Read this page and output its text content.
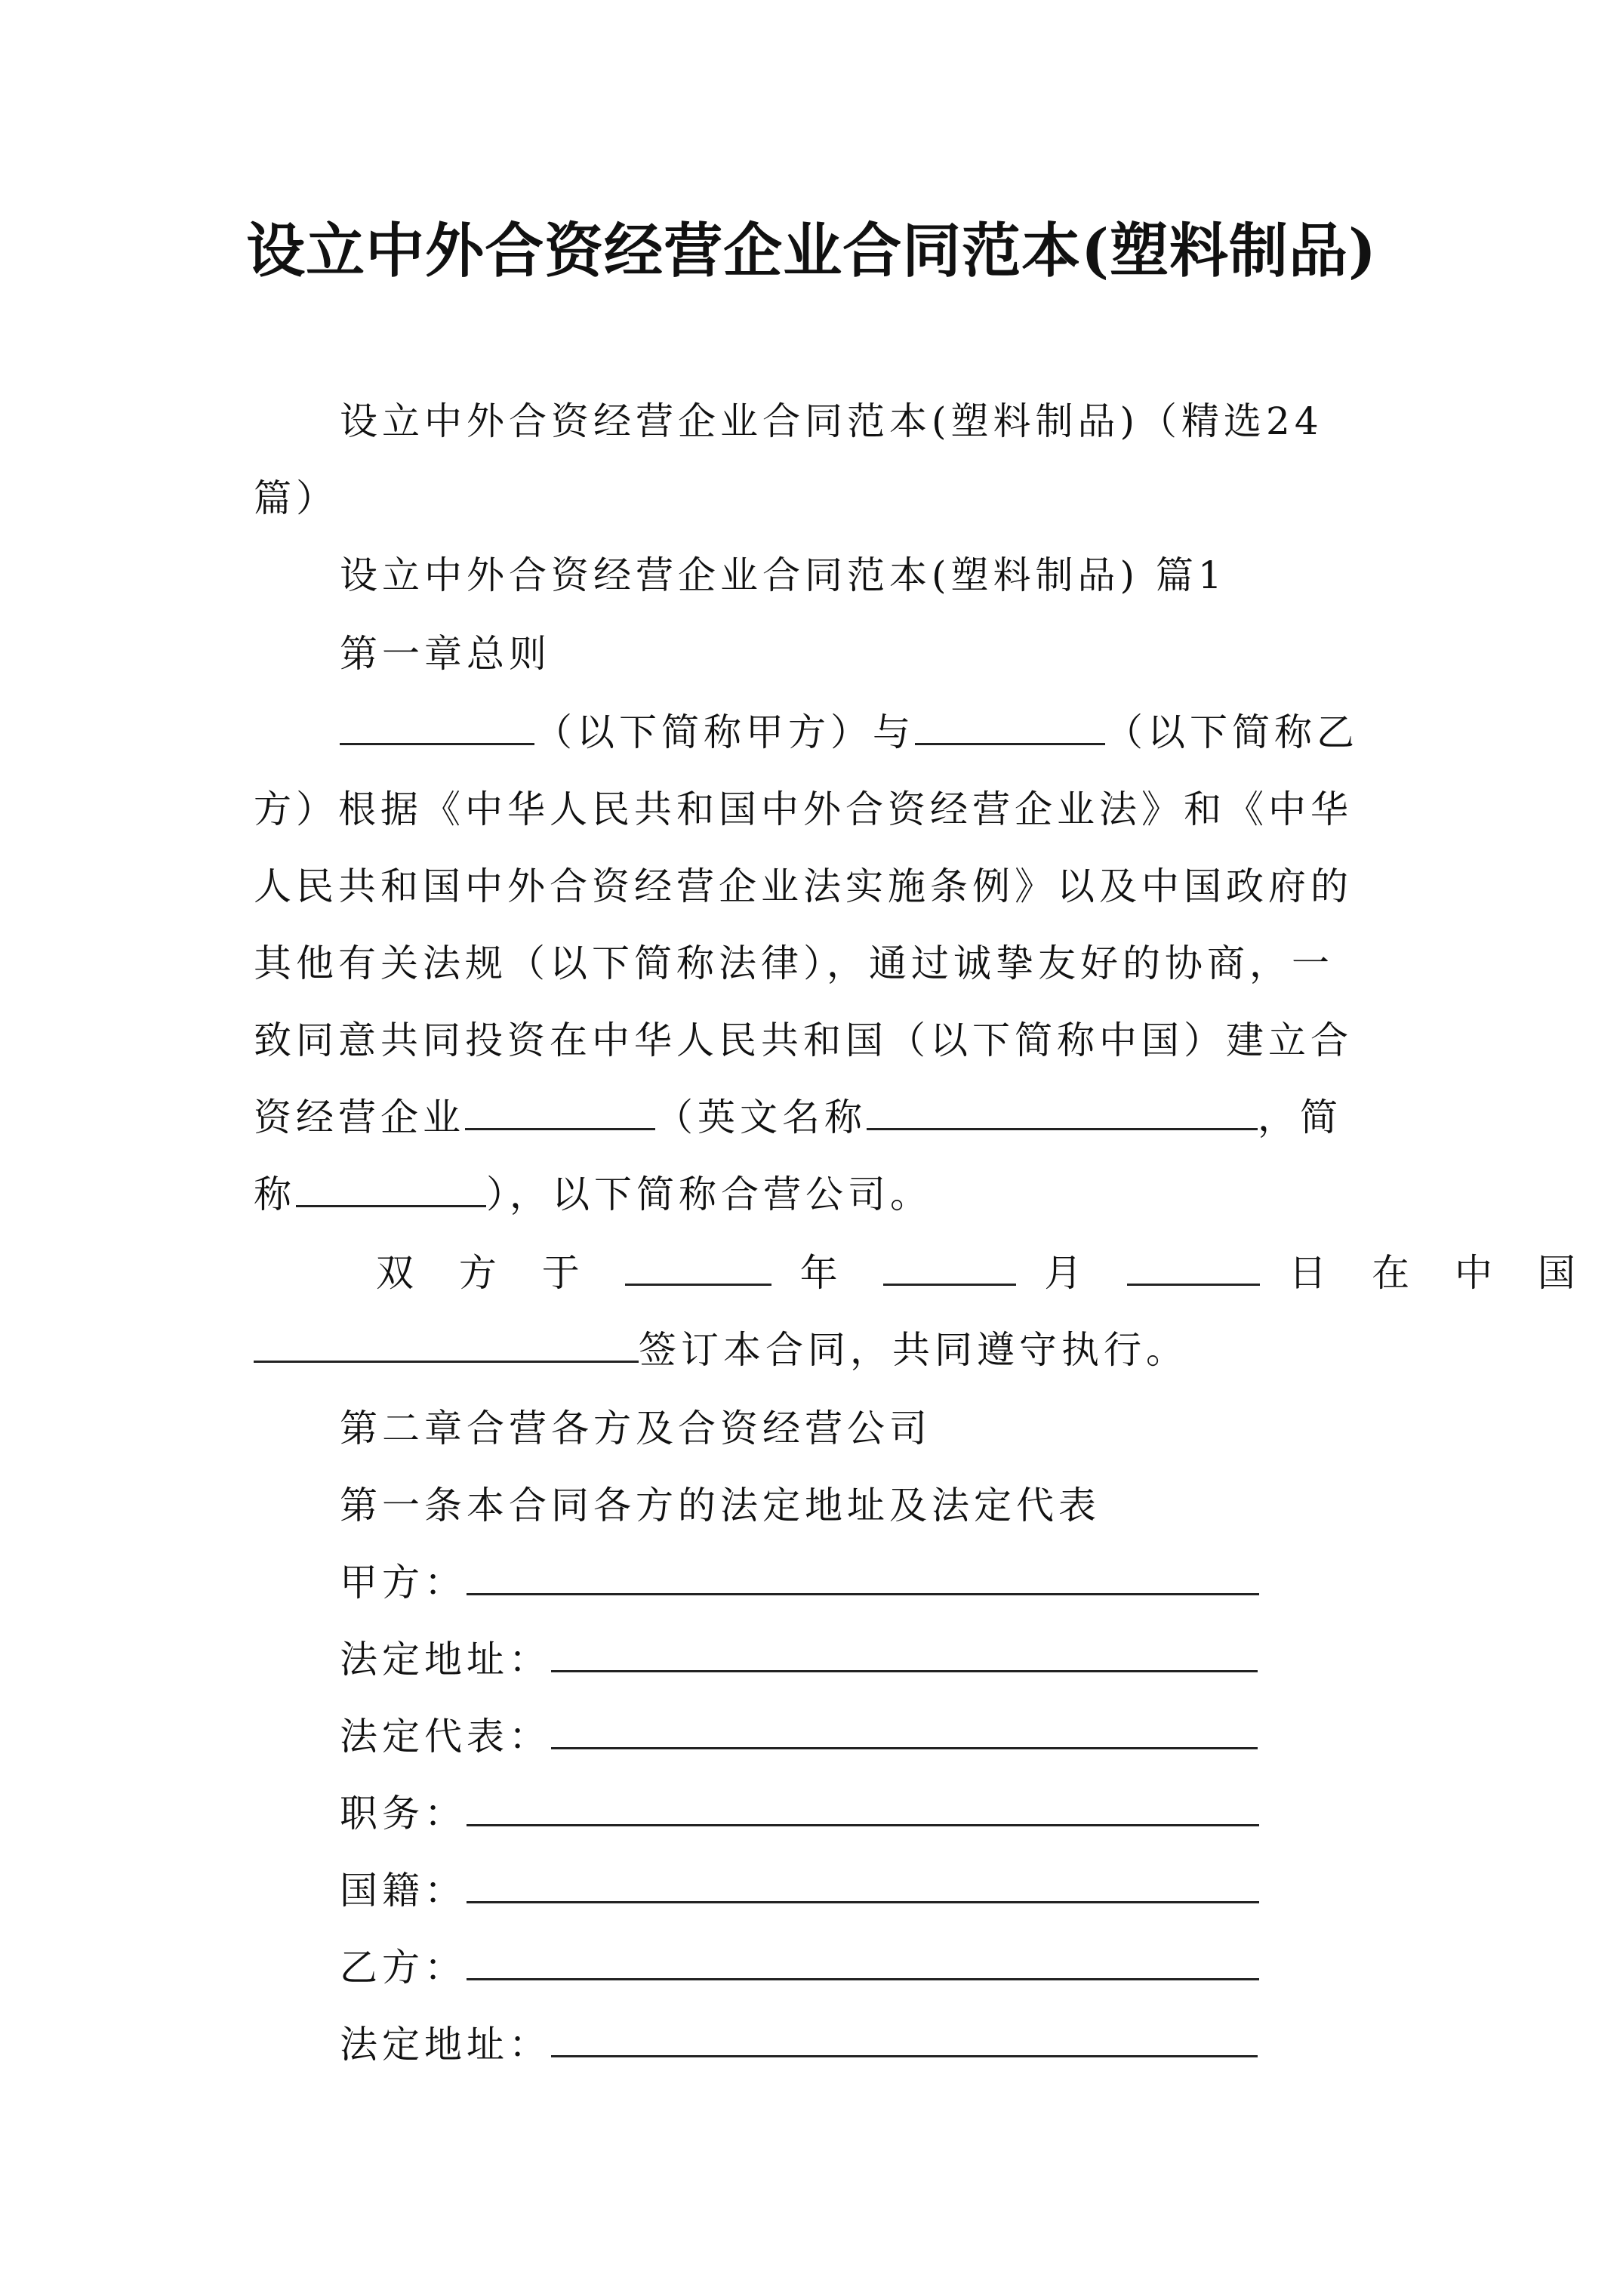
设立中外合资经营企业合同范本(塑料制品)
设立中外合资经营企业合同范本(塑料制品)（精选24
篇）
设立中外合资经营企业合同范本(塑料制品) 篇1
第一章总则
（以下简称甲方）与	（以下简称乙
方）根据《中华人民共和国中外合资经营企业法》和《中华
人民共和国中外合资经营企业法实施条例》以及中国政府的
其他有关法规（以下简称法律），通过诚挚友好的协商，一
致同意共同投资在中华人民共和国（以下简称中国）建立合
资经营企业	（英文名称	，简
称	），以下简称合营公司。
双 方 于	年	月	日 在 中 国
签订本合同，共同遵守执行。
第二章合营各方及合资经营公司
第一条本合同各方的法定地址及法定代表
甲方：
法定地址：
法定代表：
职务：
国籍：
乙方：
法定地址：
